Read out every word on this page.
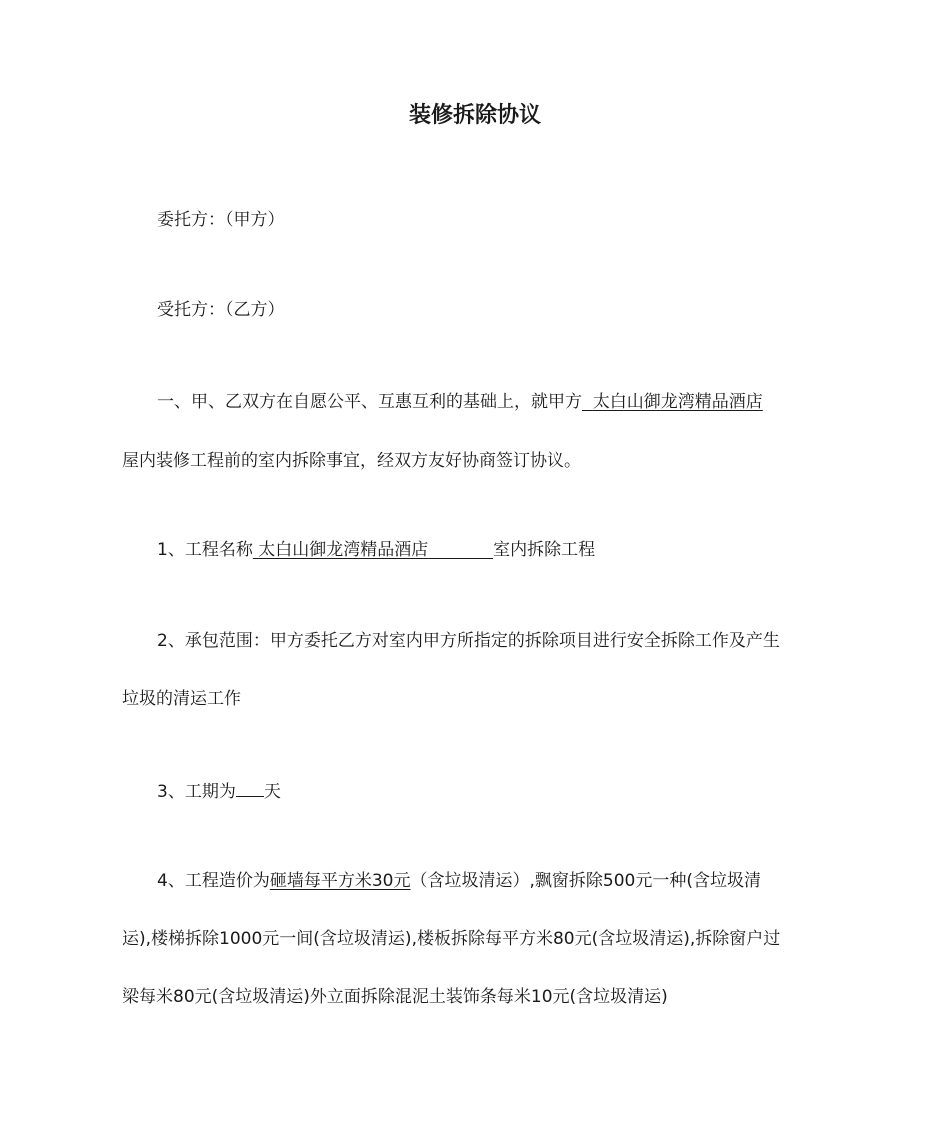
装修拆除协议
委托方：（甲方）
受托方：（乙方）
一、甲、乙双方在自愿公平、互惠互利的基础上，就甲方 太白山御龙湾精品酒店
屋内装修工程前的室内拆除事宜，经双方友好协商签订协议。
1、工程名称 太白山御龙湾精品酒店	室内拆除工程
2、承包范围：甲方委托乙方对室内甲方所指定的拆除项目进行安全拆除工作及产生
垃圾的清运工作
3、工期为 天
4、工程造价为砸墙每平方米30元（含垃圾清运）,飘窗拆除500元一种(含垃圾清
运),楼梯拆除1000元一间(含垃圾清运),楼板拆除每平方米80元(含垃圾清运),拆除窗户过
梁每米80元(含垃圾清运)外立面拆除混泥土装饰条每米10元(含垃圾清运)
